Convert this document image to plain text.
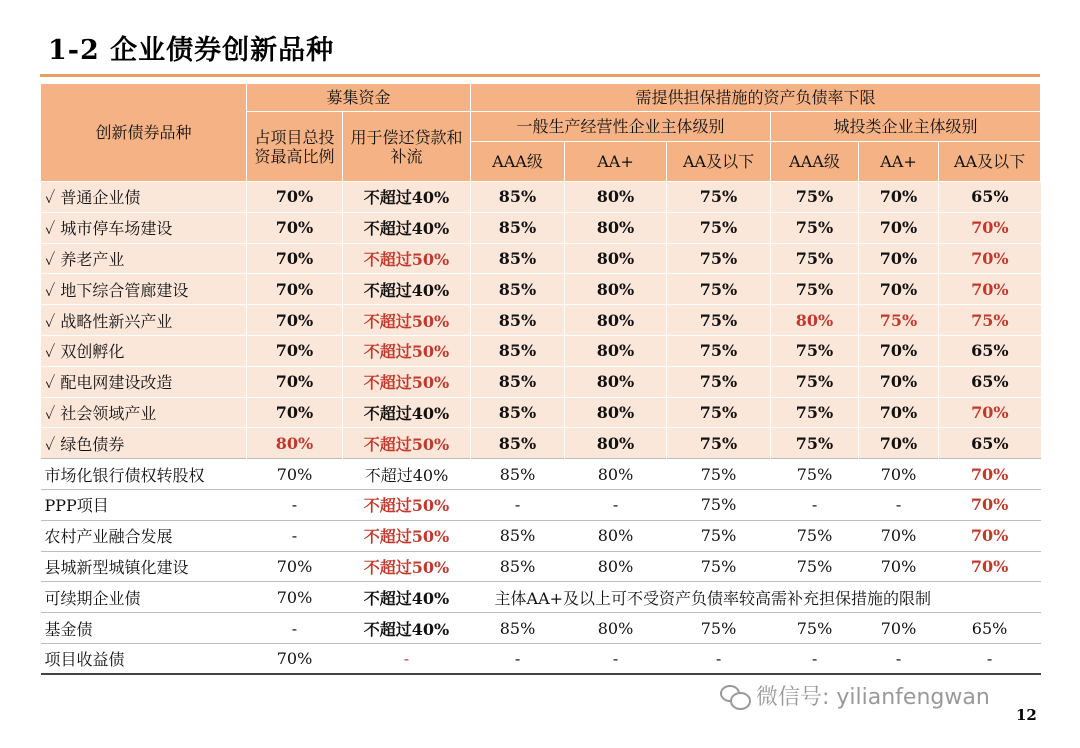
1-2 企业债券创新品种
创新债券品种	募集资金		需提供担保措施的资产负债率下限					
	占项目总投资最高比例	用于偿还贷款和补流	一般生产经营性企业主体级别			城投类企业主体级别		
			AAA级	AA+	AA及以下	AAA级	AA+	AA及以下
✓ 普通企业债	70%	不超过40%	85%	80%	75%	75%	70%	65%
✓ 城市停车场建设	70%	不超过40%	85%	80%	75%	75%	70%	70%
✓ 养老产业	70%	不超过50%	85%	80%	75%	75%	70%	70%
✓ 地下综合管廊建设	70%	不超过40%	85%	80%	75%	75%	70%	70%
✓ 战略性新兴产业	70%	不超过50%	85%	80%	75%	80%	75%	75%
✓ 双创孵化	70%	不超过50%	85%	80%	75%	75%	70%	65%
✓ 配电网建设改造	70%	不超过50%	85%	80%	75%	75%	70%	65%
✓ 社会领域产业	70%	不超过40%	85%	80%	75%	75%	70%	70%
✓ 绿色债券	80%	不超过50%	85%	80%	75%	75%	70%	65%
市场化银行债权转股权	70%	不超过40%	85%	80%	75%	75%	70%	70%
PPP项目	-	不超过50%	-	-	75%	-	-	70%
农村产业融合发展	-	不超过50%	85%	80%	75%	75%	70%	70%
县城新型城镇化建设	70%	不超过50%	85%	80%	75%	75%	70%	70%
可续期企业债	70%	不超过40%	主体AA+及以上可不受资产负债率较高需补充担保措施的限制					
基金债	-	不超过40%	85%	80%	75%	75%	70%	65%
项目收益债	70%	-	-	-	-	-	-	-
微信号: yilianfengwan
12
